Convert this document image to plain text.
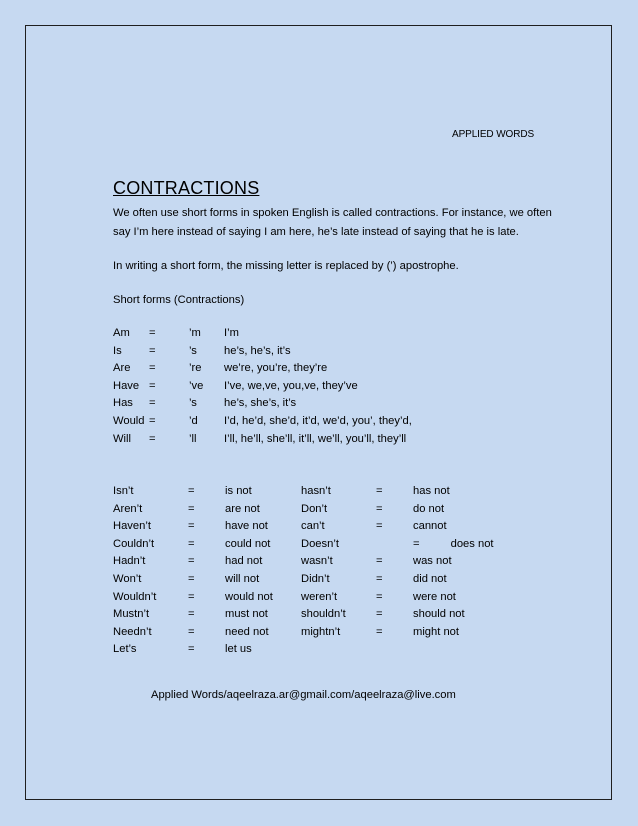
APPLIED WORDS
CONTRACTIONS
We often use short forms in spoken English is called contractions. For instance, we often say I’m here instead of saying I am here, he’s late instead of saying that he is late.
In writing a short form, the missing letter is replaced by (’) apostrophe.
Short forms (Contractions)
Am =	’m I’m
Is =	’s he’s, he’s, it’s
Are =	’re we’re, you’re, they’re
Have =	’ve I’ve, we,ve, you,ve, they’ve
Has =	’s he’s, she’s, it’s
Would =	’d I’d, he’d, she’d, it’d, we’d, you’, they’d,
Will =	’ll I’ll, he’ll, she’ll, it’ll, we’ll, you’ll, they’ll
Isn’t	=	is not	hasn’t	=	has not
Aren’t	=	are not	Don’t	=	do not
Haven’t	=	have not	can’t	=	cannot
Couldn’t	=	could not	Doesn’t	=          does not
Hadn’t	=	had not	wasn’t	=	was not
Won’t	=	will not	Didn’t	=	did not
Wouldn’t	=	would not	weren’t	=	were not
Mustn’t	=	must not	shouldn’t	=	should not
Needn’t	=	need not	mightn’t	=	might not
Let’s	=	let us
Applied Words/aqeelraza.ar@gmail.com/aqeelraza@live.com
